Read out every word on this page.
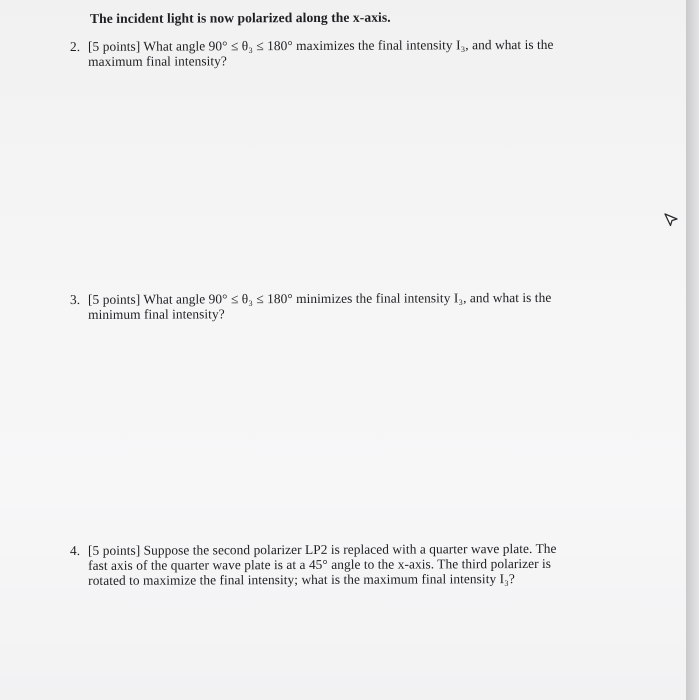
The incident light is now polarized along the x-axis.
2. [5 points] What angle 90° ≤ θ₃ ≤ 180° maximizes the final intensity I₃, and what is the
maximum final intensity?
3. [5 points] What angle 90° ≤ θ₃ ≤ 180° minimizes the final intensity I₃, and what is the
minimum final intensity?
4. [5 points] Suppose the second polarizer LP2 is replaced with a quarter wave plate. The
fast axis of the quarter wave plate is at a 45° angle to the x-axis. The third polarizer is
rotated to maximize the final intensity; what is the maximum final intensity I₃?
